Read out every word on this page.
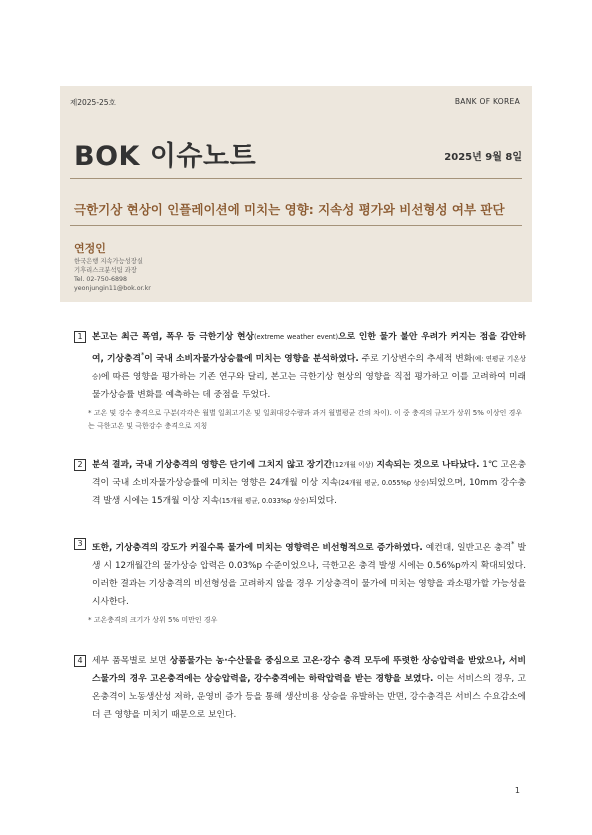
제2025-25호	BANK OF KOREA
BOK 이슈노트	2025년 9월 8일
극한기상 현상이 인플레이션에 미치는 영향: 지속성 평가와 비선형성 여부 판단
연정인
한국은행 지속가능성장실
기후리스크분석팀 과장
Tel. 02-750-6898
yeonjungin11@bok.or.kr
1	본고는 최근 폭염, 폭우 등 극한기상 현상(extreme weather event)으로 인한 물가 불안 우려가 커지는 점을 감안하여, 기상충격*이 국내 소비자물가상승률에 미치는 영향을 분석하였다. 주로 기상변수의 추세적 변화(예: 연평균 기온상승)에 따른 영향을 평가하는 기존 연구와 달리, 본고는 극한기상 현상의 영향을 직접 평가하고 이를 고려하여 미래 물가상승률 변화를 예측하는 데 중점을 두었다.
* 고온 및 강수 충격으로 구분(각각은 월별 일최고기온 및 일최대강수량과 과거 월별평균 간의 차이). 이 중 충격의 규모가 상위 5% 이상인 경우는 극한고온 및 극한강수 충격으로 지칭
2	분석 결과, 국내 기상충격의 영향은 단기에 그치지 않고 장기간(12개월 이상) 지속되는 것으로 나타났다. 1℃ 고온충격이 국내 소비자물가상승률에 미치는 영향은 24개월 이상 지속(24개월 평균, 0.055%p 상승)되었으며, 10mm 강수충격 발생 시에는 15개월 이상 지속(15개월 평균, 0.033%p 상승)되었다.
3	또한, 기상충격의 강도가 커질수록 물가에 미치는 영향력은 비선형적으로 증가하였다. 예컨대, 일반고온 충격* 발생 시 12개월간의 물가상승 압력은 0.03%p 수준이었으나, 극한고온 충격 발생 시에는 0.56%p까지 확대되었다. 이러한 결과는 기상충격의 비선형성을 고려하지 않을 경우 기상충격이 물가에 미치는 영향을 과소평가할 가능성을 시사한다.
* 고온충격의 크기가 상위 5% 미만인 경우
4	세부 품목별로 보면 상품물가는 농·수산물을 중심으로 고온·강수 충격 모두에 뚜렷한 상승압력을 받았으나, 서비스물가의 경우 고온충격에는 상승압력을, 강수충격에는 하락압력을 받는 경향을 보였다. 이는 서비스의 경우, 고온충격이 노동생산성 저하, 운영비 증가 등을 통해 생산비용 상승을 유발하는 반면, 강수충격은 서비스 수요감소에 더 큰 영향을 미치기 때문으로 보인다.
1
